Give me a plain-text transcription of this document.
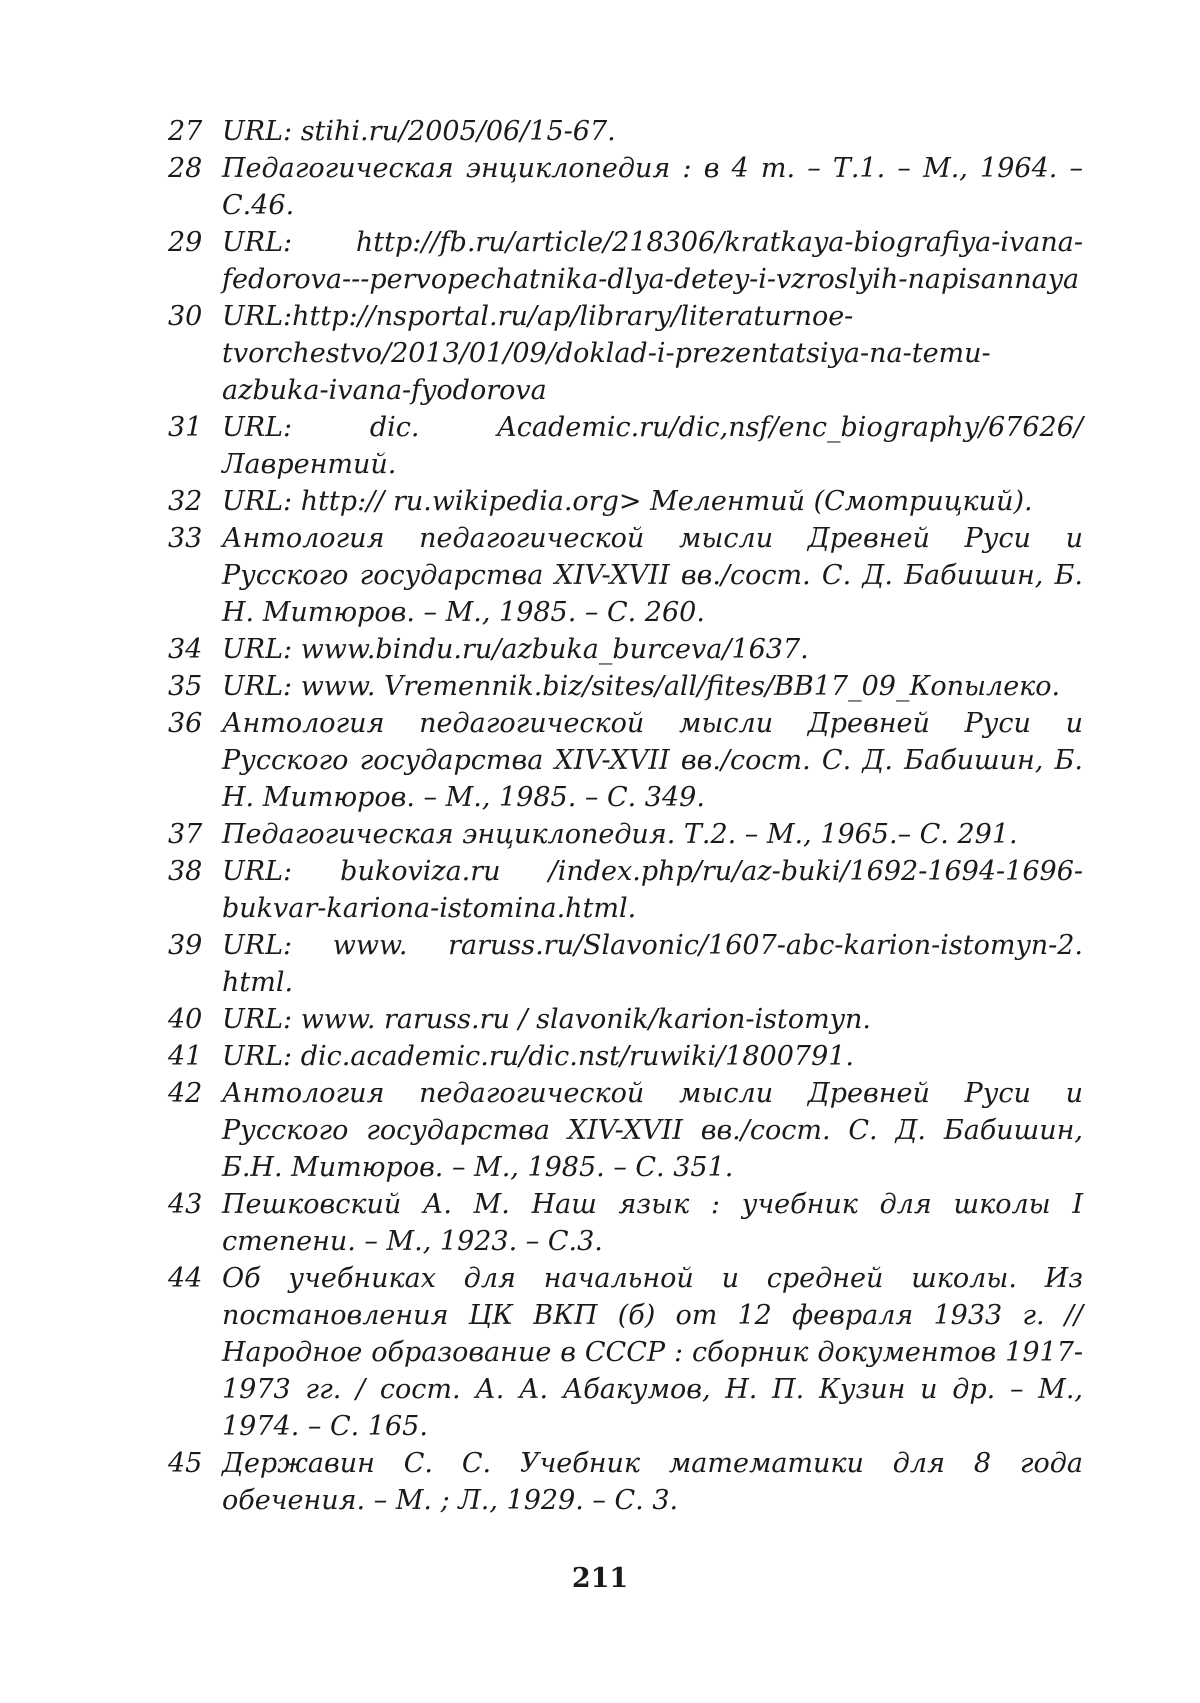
27 URL: stihi.ru/2005/06/15-67.
28 Педагогическая энциклопедия : в 4 т. – Т.1. – М., 1964. – С.46.
29 URL: http://fb.ru/article/218306/kratkaya-biografiya-ivana-fedorova---pervopechatnika-dlya-detey-i-vzroslyih-napisannaya
30 URL:http://nsportal.ru/ap/library/literaturnoe-tvorchestvo/2013/01/09/doklad-i-prezentatsiya-na-temu-azbuka-ivana-fyodorova
31 URL: dic. Academic.ru/dic,nsf/enc_biography/67626/ Лаврентий.
32 URL: http:// ru.wikipedia.org> Мелентий (Смотрицкий).
33 Антология педагогической мысли Древней Руси и Русского государства XIV-XVII вв./сост. С. Д. Бабишин, Б. Н. Митюров. – М., 1985. – С. 260.
34 URL: www.bindu.ru/azbuka_burceva/1637.
35 URL: www. Vremennik.biz/sites/all/fites/BB17_09_Копылеко.
36 Антология педагогической мысли Древней Руси и Русского государства XIV-XVII вв./сост. С. Д. Бабишин, Б. Н. Митюров. – М., 1985. – С. 349.
37 Педагогическая энциклопедия. Т.2. – М., 1965.– С. 291.
38 URL: bukoviza.ru /index.php/ru/az-buki/1692-1694-1696-bukvar-kariona-istomina.html.
39 URL: www. raruss.ru/Slavonic/1607-abc-karion-istomyn-2. html.
40 URL: www. raruss.ru / slavonik/karion-istomyn.
41 URL: dic.academic.ru/dic.nst/ruwiki/1800791.
42 Антология педагогической мысли Древней Руси и Русского государства XIV-XVII вв./сост. С. Д. Бабишин, Б.Н. Митюров. – М., 1985. – С. 351.
43 Пешковский А. М. Наш язык : учебник для школы I степени. – М., 1923. – С.3.
44 Об учебниках для начальной и средней школы. Из постановления ЦК ВКП (б) от 12 февраля 1933 г. // Народное образование в СССР : сборник документов 1917-1973 гг. / сост. А. А. Абакумов, Н. П. Кузин и др. – М., 1974. – С. 165.
45 Державин С. С. Учебник математики для 8 года обечения. – М. ; Л., 1929. – С. 3.
211
